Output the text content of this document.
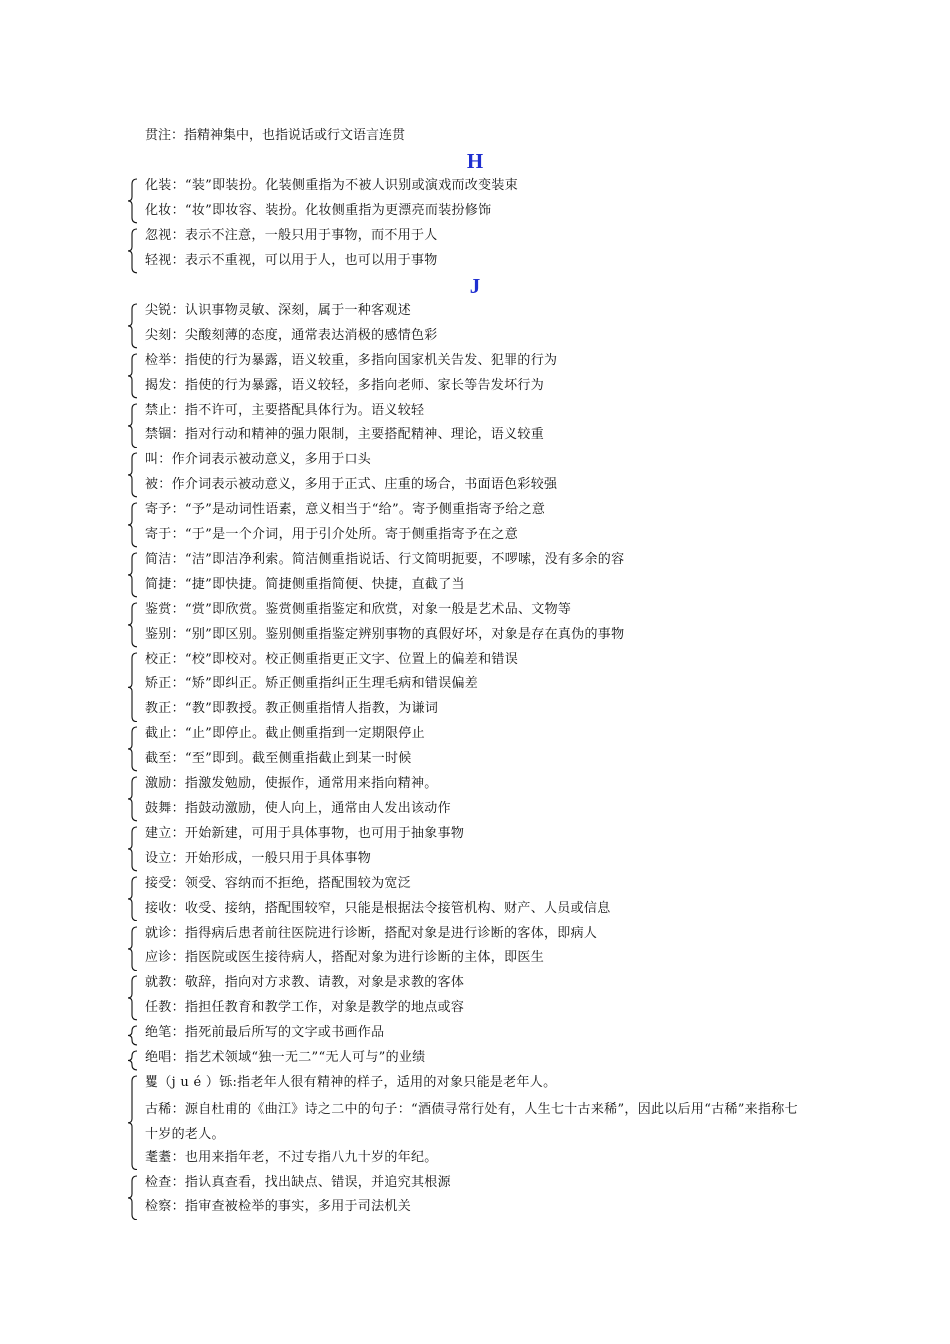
贯注：指精神集中，也指说话或行文语言连贯
H
化装：“装”即装扮。化装侧重指为不被人识别或演戏而改变装束
化妆：“妆”即妆容、装扮。化妆侧重指为更漂亮而装扮修饰
忽视：表示不注意，一般只用于事物，而不用于人
轻视：表示不重视，可以用于人，也可以用于事物
J
尖锐：认识事物灵敏、深刻，属于一种客观述
尖刻：尖酸刻薄的态度，通常表达消极的感情色彩
检举：指使的行为暴露，语义较重，多指向国家机关告发、犯罪的行为
揭发：指使的行为暴露，语义较轻，多指向老师、家长等告发坏行为
禁止：指不许可，主要搭配具体行为。语义较轻
禁锢：指对行动和精神的强力限制，主要搭配精神、理论，语义较重
叫：作介词表示被动意义，多用于口头
被：作介词表示被动意义，多用于正式、庄重的场合，书面语色彩较强
寄予：“予”是动词性语素，意义相当于“给”。寄予侧重指寄予给之意
寄于：“于”是一个介词，用于引介处所。寄于侧重指寄予在之意
简洁：“洁”即洁净利索。简洁侧重指说话、行文简明扼要，不啰嗦，没有多余的容
简捷：“捷”即快捷。简捷侧重指简便、快捷，直截了当
鉴赏：“赏”即欣赏。鉴赏侧重指鉴定和欣赏，对象一般是艺术品、文物等
鉴别：“别”即区别。鉴别侧重指鉴定辨别事物的真假好坏，对象是存在真伪的事物
校正：“校”即校对。校正侧重指更正文字、位置上的偏差和错误
矫正：“矫”即纠正。矫正侧重指纠正生理毛病和错误偏差
教正：“教”即教授。教正侧重指情人指教，为谦词
截止：“止”即停止。截止侧重指到一定期限停止
截至：“至”即到。截至侧重指截止到某一时候
激励：指激发勉励，使振作，通常用来指向精神。
鼓舞：指鼓动激励，使人向上，通常由人发出该动作
建立：开始新建，可用于具体事物，也可用于抽象事物
设立：开始形成，一般只用于具体事物
接受：领受、容纳而不拒绝，搭配围较为宽泛
接收：收受、接纳，搭配围较窄，只能是根据法令接管机构、财产、人员或信息
就诊：指得病后患者前往医院进行诊断，搭配对象是进行诊断的客体，即病人
应诊：指医院或医生接待病人，搭配对象为进行诊断的主体，即医生
就教：敬辞，指向对方求教、请教，对象是求教的客体
任教：指担任教育和教学工作，对象是教学的地点或容
绝笔：指死前最后所写的文字或书画作品
绝唱：指艺术领域“独一无二”“无人可与”的业绩
矍（j u é ）铄:指老年人很有精神的样子，适用的对象只能是老年人。
古稀：源自杜甫的《曲江》诗之二中的句子：“酒债寻常行处有，人生七十古来稀”，因此以后用“古稀”来指称七十岁的老人。
耄耋：也用来指年老，不过专指八九十岁的年纪。
检查：指认真查看，找出缺点、错误，并追究其根源
检察：指审查被检举的事实，多用于司法机关
